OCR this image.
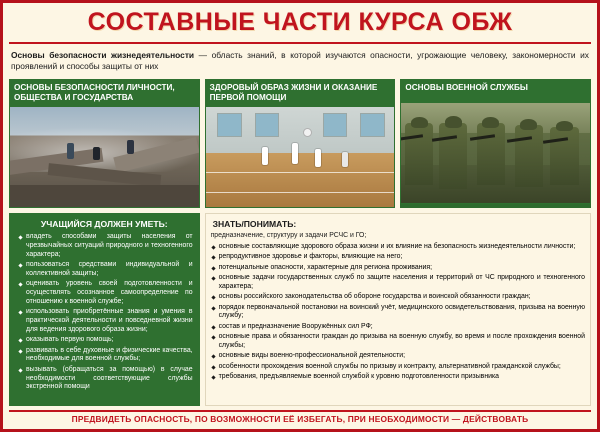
СОСТАВНЫЕ ЧАСТИ КУРСА ОБЖ
Основы безопасности жизнедеятельности — область знаний, в которой изучаются опасности, угрожающие человеку, закономерности их проявлений и способы защиты от них
ОСНОВЫ БЕЗОПАСНОСТИ ЛИЧНОСТИ, ОБЩЕСТВА И ГОСУДАРСТВА
ЗДОРОВЫЙ ОБРАЗ ЖИЗНИ И ОКАЗАНИЕ ПЕРВОЙ ПОМОЩИ
ОСНОВЫ ВОЕННОЙ СЛУЖБЫ
УЧАЩИЙСЯ ДОЛЖЕН УМЕТЬ:
владеть способами защиты населения от чрезвычайных ситуаций природного и техногенного характера;
пользоваться средствами индивидуальной и коллективной защиты;
оценивать уровень своей подготовленности и осуществлять осознанное самоопределение по отношению к военной службе;
использовать приобретённые знания и умения в практической деятельности и повседневной жизни для ведения здорового образа жизни;
оказывать первую помощь;
развивать в себе духовные и физические качества, необходимые для военной службы;
вызывать (обращаться за помощью) в случае необходимости соответствующие службы экстренной помощи
ЗНАТЬ/ПОНИМАТЬ:
предназначение, структуру и задачи РСЧС и ГО;
основные составляющие здорового образа жизни и их влияние на безопасность жизнедеятельности личности;
репродуктивное здоровье и факторы, влияющие на него;
потенциальные опасности, характерные для региона проживания;
основные задачи государственных служб по защите населения и территорий от ЧС природного и техногенного характера;
основы российского законодательства об обороне государства и воинской обязанности граждан;
порядок первоначальной постановки на воинский учёт, медицинского освидетельствования, призыва на военную службу;
состав и предназначение Вооружённых сил РФ;
основные права и обязанности граждан до призыва на военную службу, во время и после прохождения военной службы;
основные виды военно-профессиональной деятельности;
особенности прохождения военной службы по призыву и контракту, альтернативной гражданской службы;
требования, предъявляемые военной службой к уровню подготовленности призывника
ПРЕДВИДЕТЬ ОПАСНОСТЬ, ПО ВОЗМОЖНОСТИ ЕЁ ИЗБЕГАТЬ, ПРИ НЕОБХОДИМОСТИ — ДЕЙСТВОВАТЬ
